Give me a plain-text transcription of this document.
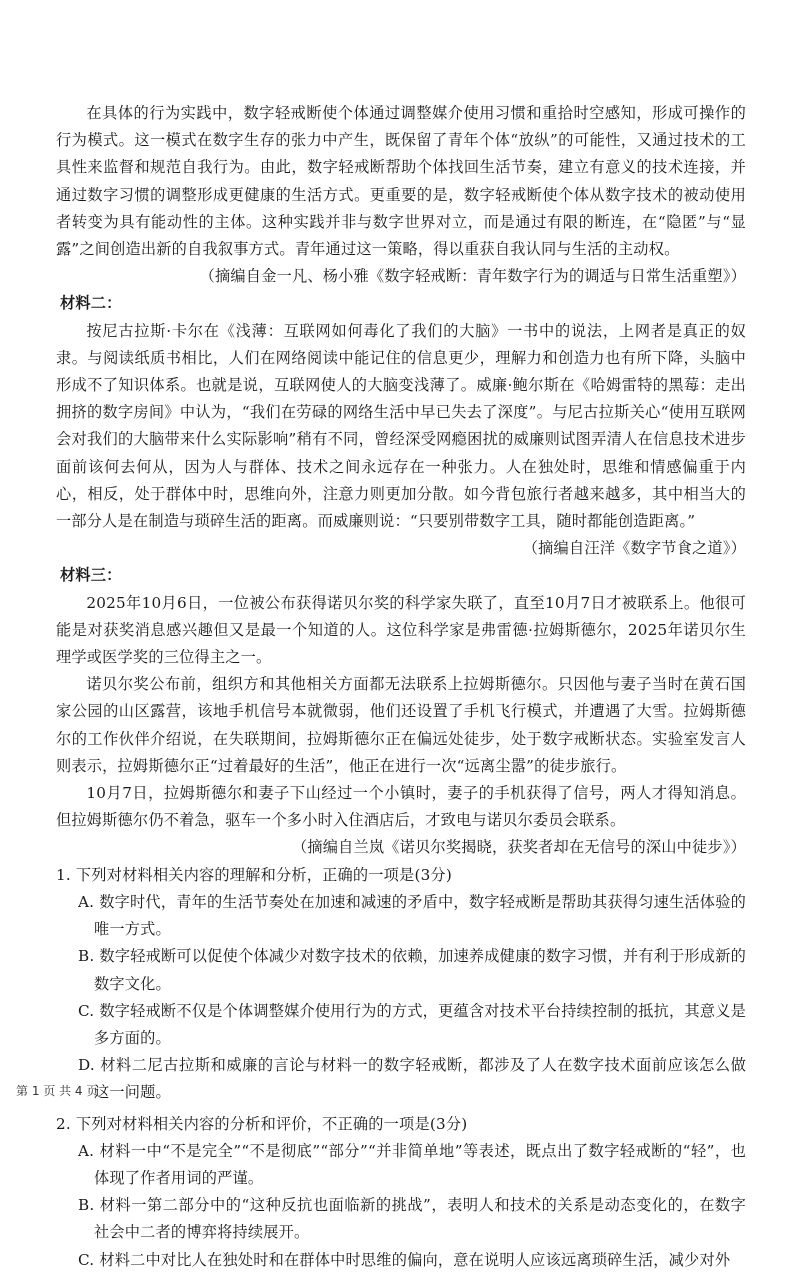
在具体的行为实践中，数字轻戒断使个体通过调整媒介使用习惯和重拾时空感知，形成可操作的行为模式。这一模式在数字生存的张力中产生，既保留了青年个体“放纵”的可能性，又通过技术的工具性来监督和规范自我行为。由此，数字轻戒断帮助个体找回生活节奏，建立有意义的技术连接，并通过数字习惯的调整形成更健康的生活方式。更重要的是，数字轻戒断使个体从数字技术的被动使用者转变为具有能动性的主体。这种实践并非与数字世界对立，而是通过有限的断连，在“隐匿”与“显露”之间创造出新的自我叙事方式。青年通过这一策略，得以重获自我认同与生活的主动权。

（摘编自金一凡、杨小雅《数字轻戒断：青年数字行为的调适与日常生活重塑》）

材料二：

按尼古拉斯·卡尔在《浅薄：互联网如何毒化了我们的大脑》一书中的说法，上网者是真正的奴隶。与阅读纸质书相比，人们在网络阅读中能记住的信息更少，理解力和创造力也有所下降，头脑中形成不了知识体系。也就是说，互联网使人的大脑变浅薄了。威廉·鲍尔斯在《哈姆雷特的黑莓：走出拥挤的数字房间》中认为，“我们在劳碌的网络生活中早已失去了深度”。与尼古拉斯关心“使用互联网会对我们的大脑带来什么实际影响”稍有不同，曾经深受网瘾困扰的威廉则试图弄清人在信息技术进步面前该何去何从，因为人与群体、技术之间永远存在一种张力。人在独处时，思维和情感偏重于内心，相反，处于群体中时，思维向外，注意力则更加分散。如今背包旅行者越来越多，其中相当大的一部分人是在制造与琐碎生活的距离。而威廉则说：“只要别带数字工具，随时都能创造距离。”

（摘编自汪洋《数字节食之道》）

材料三：

2025年10月6日，一位被公布获得诺贝尔奖的科学家失联了，直至10月7日才被联系上。他很可能是对获奖消息感兴趣但又是最一个知道的人。这位科学家是弗雷德·拉姆斯德尔，2025年诺贝尔生理学或医学奖的三位得主之一。

诺贝尔奖公布前，组织方和其他相关方面都无法联系上拉姆斯德尔。只因他与妻子当时在黄石国家公园的山区露营，该地手机信号本就微弱，他们还设置了手机飞行模式，并遭遇了大雪。拉姆斯德尔的工作伙伴介绍说，在失联期间，拉姆斯德尔正在偏远处徒步，处于数字戒断状态。实验室发言人则表示，拉姆斯德尔正“过着最好的生活”，他正在进行一次“远离尘嚣”的徒步旅行。

10月7日，拉姆斯德尔和妻子下山经过一个小镇时，妻子的手机获得了信号，两人才得知消息。但拉姆斯德尔仍不着急，驱车一个多小时入住酒店后，才致电与诺贝尔委员会联系。

（摘编自兰岚《诺贝尔奖揭晓，获奖者却在无信号的深山中徒步》）

1. 下列对材料相关内容的理解和分析，正确的一项是(3分)

A. 数字时代，青年的生活节奏处在加速和减速的矛盾中，数字轻戒断是帮助其获得匀速生活体验的唯一方式。

B. 数字轻戒断可以促使个体减少对数字技术的依赖，加速养成健康的数字习惯，并有利于形成新的数字文化。

C. 数字轻戒断不仅是个体调整媒介使用行为的方式，更蕴含对技术平台持续控制的抵抗，其意义是多方面的。

D. 材料二尼古拉斯和威廉的言论与材料一的数字轻戒断，都涉及了人在数字技术面前应该怎么做这一问题。

2. 下列对材料相关内容的分析和评价，不正确的一项是(3分)

A. 材料一中“不是完全”“不是彻底”“部分”“并非简单地”等表述，既点出了数字轻戒断的“轻”，也体现了作者用词的严谨。

B. 材料一第二部分中的“这种反抗也面临新的挑战”，表明人和技术的关系是动态变化的，在数字社会中二者的博弈将持续展开。

C. 材料二中对比人在独处时和在群体中时思维的偏向，意在说明人应该远离琐碎生活，减少对外

第 1 页 共 4 页
